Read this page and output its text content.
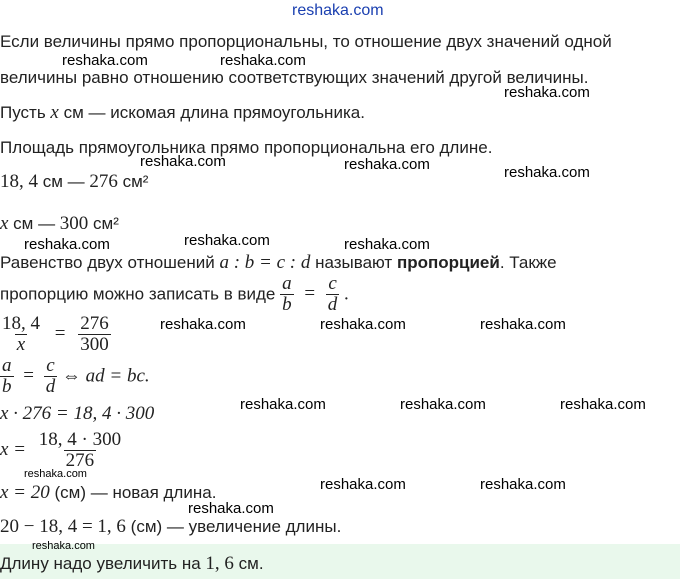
reshaka.com
reshaka.com	reshaka.com
reshaka.com
reshaka.com	reshaka.com	reshaka.com
reshaka.com	reshaka.com	reshaka.com
reshaka.com	reshaka.com	reshaka.com
reshaka.com	reshaka.com	reshaka.com
reshaka.com
reshaka.com	reshaka.com
reshaka.com
Если величины прямо пропорциональны, то отношение двух значений одной
величины равно отношению соответствующих значений другой величины.
Пусть x см — искомая длина прямоугольника.
Площадь прямоугольника прямо пропорциональна его длине.
18, 4 см — 276 см²
x см — 300 см²
Равенство двух отношений a : b = c : d называют пропорцией. Также
пропорцию можно записать в виде $\frac{a}{b} = \frac{c}{d}$ .
$\frac{18, 4}{x} = \frac{276}{300}$
$\frac{a}{b} = \frac{c}{d}$ ⇔ ad = bc.
x · 276 = 18, 4 · 300
$x = \frac{18, 4 \cdot 300}{276}$
x = 20 (см) — новая длина.
20 − 18, 4 = 1, 6 (см) — увеличение длины.
reshaka.com
Длину надо увеличить на 1, 6 см.
